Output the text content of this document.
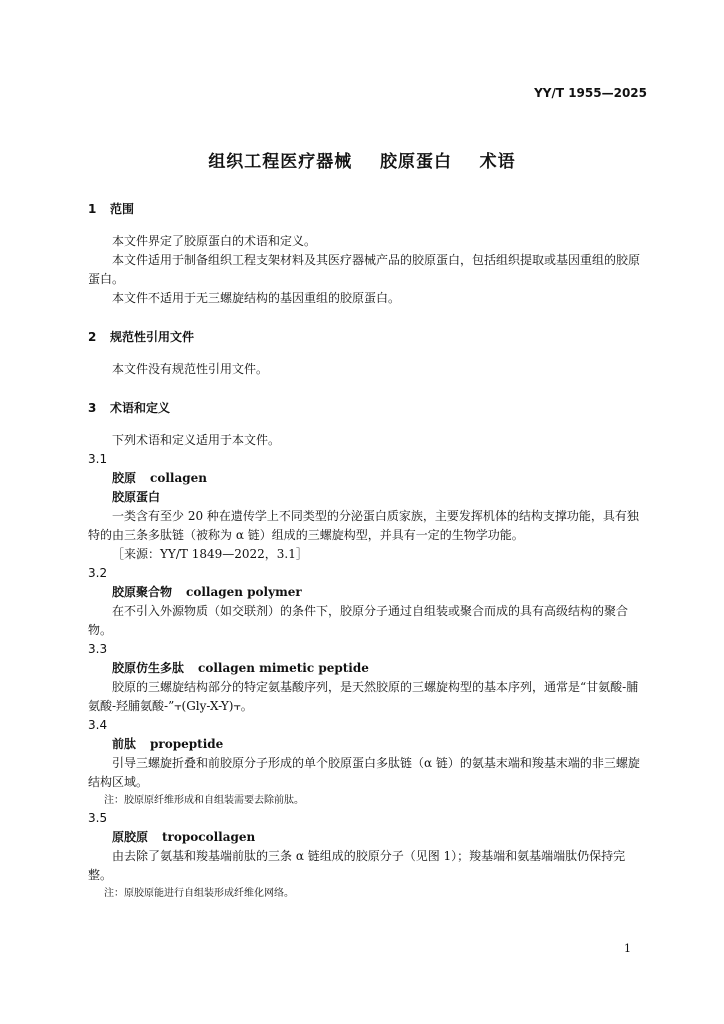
YY/T 1955—2025
组织工程医疗器械    胶原蛋白    术语
1 范围

本文件界定了胶原蛋白的术语和定义。

本文件适用于制备组织工程支架材料及其医疗器械产品的胶原蛋白，包括组织提取或基因重组的胶原蛋白。

本文件不适用于无三螺旋结构的基因重组的胶原蛋白。

2 规范性引用文件

本文件没有规范性引用文件。

3 术语和定义

下列术语和定义适用于本文件。

3.1
胶原 collagen
胶原蛋白

一类含有至少 20 种在遗传学上不同类型的分泌蛋白质家族，主要发挥机体的结构支撑功能，具有独特的由三条多肽链（被称为 α 链）组成的三螺旋构型，并具有一定的生物学功能。

［来源：YY/T 1849—2022，3.1］
3.2
胶原聚合物 collagen polymer

在不引入外源物质（如交联剂）的条件下，胶原分子通过自组装或聚合而成的具有高级结构的聚合物。

3.3
胶原仿生多肽 collagen mimetic peptide

胶原的三螺旋结构部分的特定氨基酸序列，是天然胶原的三螺旋构型的基本序列，通常是“甘氨酸-脯氨酸-羟脯氨酸-”⫟(Gly-X-Y)⫟。

3.4
前肽 propeptide

引导三螺旋折叠和前胶原分子形成的单个胶原蛋白多肽链（α 链）的氨基末端和羧基末端的非三螺旋结构区域。

注：胶原原纤维形成和自组装需要去除前肽。
3.5
原胶原 tropocollagen

由去除了氨基和羧基端前肽的三条 α 链组成的胶原分子（见图 1）；羧基端和氨基端端肽仍保持完整。

注：原胶原能进行自组装形成纤维化网络。
1
